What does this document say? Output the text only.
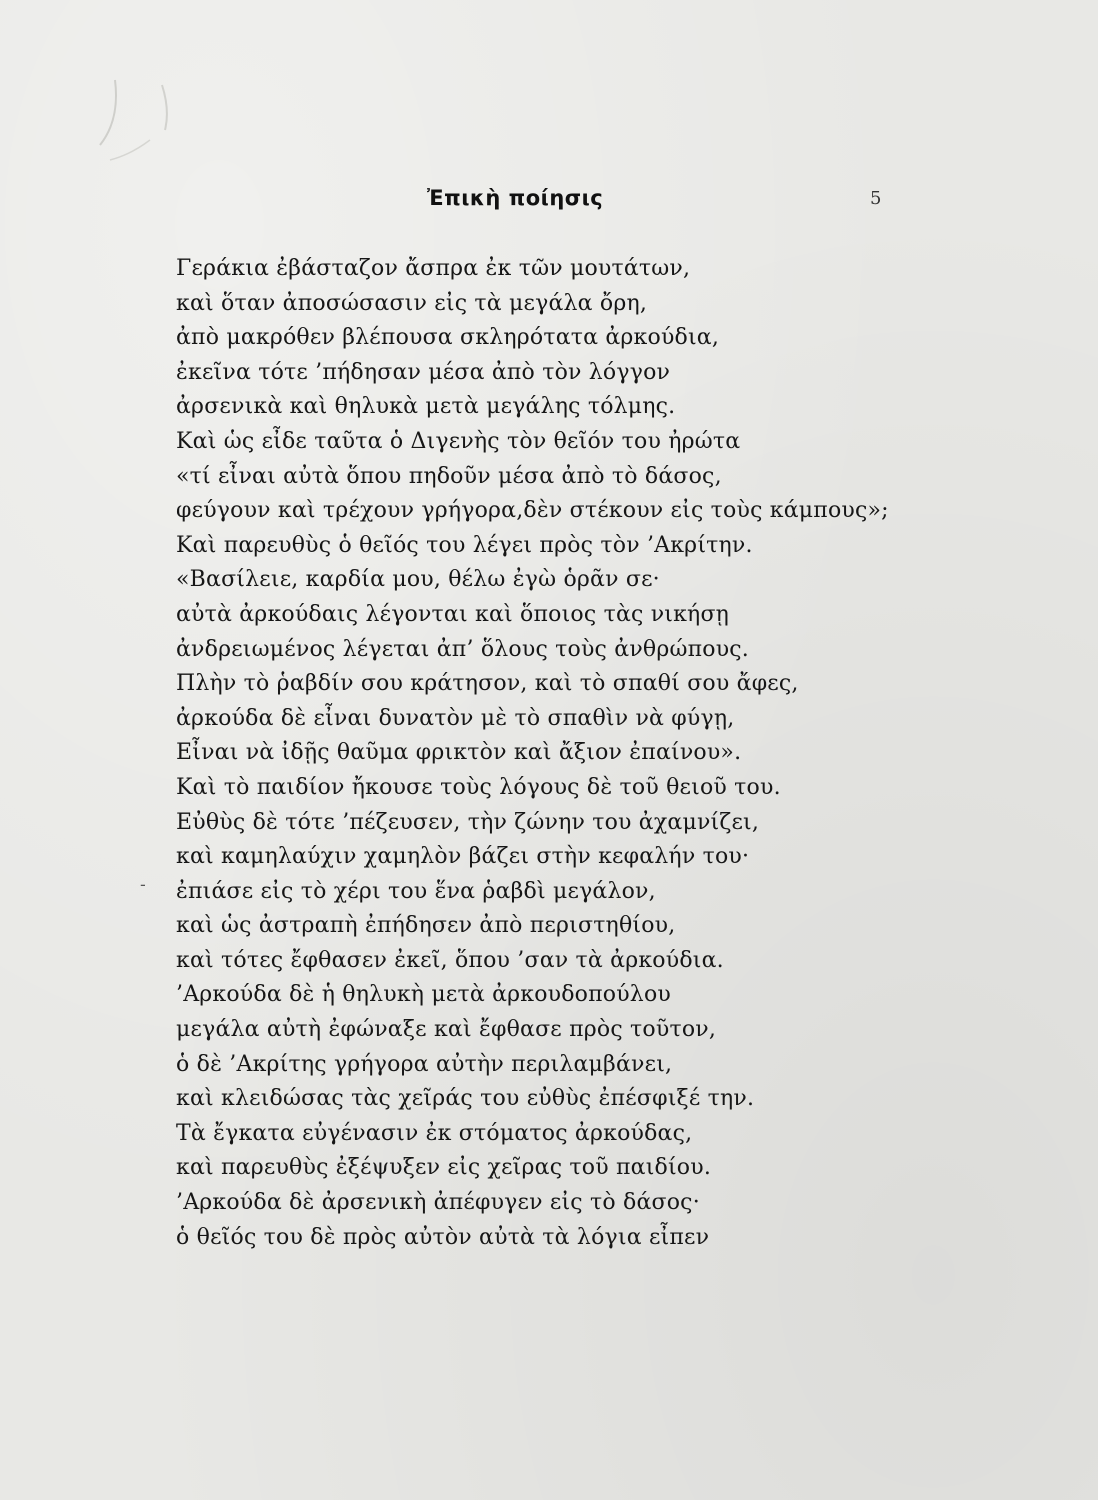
Ἐπικὴ ποίησις	5
-
Γεράκια ἐβάσταζον ἄσπρα ἐκ τῶν μουτάτων,
καὶ ὅταν ἀποσώσασιν εἰς τὰ μεγάλα ὄρη,
ἀπὸ μακρόθεν βλέπουσα σκληρότατα ἀρκούδια,
ἐκεῖνα τότε ’πήδησαν μέσα ἀπὸ τὸν λόγγον
ἀρσενικὰ καὶ θηλυκὰ μετὰ μεγάλης τόλμης.
Καὶ ὡς εἶδε ταῦτα ὁ Διγενὴς τὸν θεῖόν του ἠρώτα
«τί εἶναι αὐτὰ ὅπου πηδοῦν μέσα ἀπὸ τὸ δάσος,
φεύγουν καὶ τρέχουν γρήγορα,δὲν στέκουν εἰς τοὺς κάμπους»;
Καὶ παρευθὺς ὁ θεῖός του λέγει πρὸς τὸν ’Ακρίτην.
«Βασίλειε, καρδία μου, θέλω ἐγὼ ὁρᾶν σε·
αὐτὰ ἀρκούδαις λέγονται καὶ ὅποιος τὰς νικήσῃ
ἀνδρειωμένος λέγεται ἀπ’ ὅλους τοὺς ἀνθρώπους.
Πλὴν τὸ ῥαβδίν σου κράτησον, καὶ τὸ σπαθί σου ἄφες,
ἀρκούδα δὲ εἶναι δυνατὸν μὲ τὸ σπαθὶν νὰ φύγῃ,
Εἶναι νὰ ἰδῇς θαῦμα φρικτὸν καὶ ἄξιον ἐπαίνου».
Καὶ τὸ παιδίον ἤκουσε τοὺς λόγους δὲ τοῦ θειοῦ του.
Εὐθὺς δὲ τότε ’πέζευσεν, τὴν ζώνην του ἀχαμνίζει,
καὶ καμηλαύχιν χαμηλὸν βάζει στὴν κεφαλήν του·
ἐπιάσε εἰς τὸ χέρι του ἕνα ῥαβδὶ μεγάλον,
καὶ ὡς ἀστραπὴ ἐπήδησεν ἀπὸ περιστηθίου,
καὶ τότες ἔφθασεν ἐκεῖ, ὅπου ’σαν τὰ ἀρκούδια.
’Αρκούδα δὲ ἡ θηλυκὴ μετὰ ἀρκουδοπούλου
μεγάλα αὐτὴ ἐφώναξε καὶ ἔφθασε πρὸς τοῦτον,
ὁ δὲ ’Ακρίτης γρήγορα αὐτὴν περιλαμβάνει,
καὶ κλειδώσας τὰς χεῖράς του εὐθὺς ἐπέσφιξέ την.
Τὰ ἔγκατα εὐγένασιν ἐκ στόματος ἀρκούδας,
καὶ παρευθὺς ἐξέψυξεν εἰς χεῖρας τοῦ παιδίου.
’Αρκούδα δὲ ἀρσενικὴ ἀπέφυγεν εἰς τὸ δάσος·
ὁ θεῖός του δὲ πρὸς αὐτὸν αὐτὰ τὰ λόγια εἶπεν
